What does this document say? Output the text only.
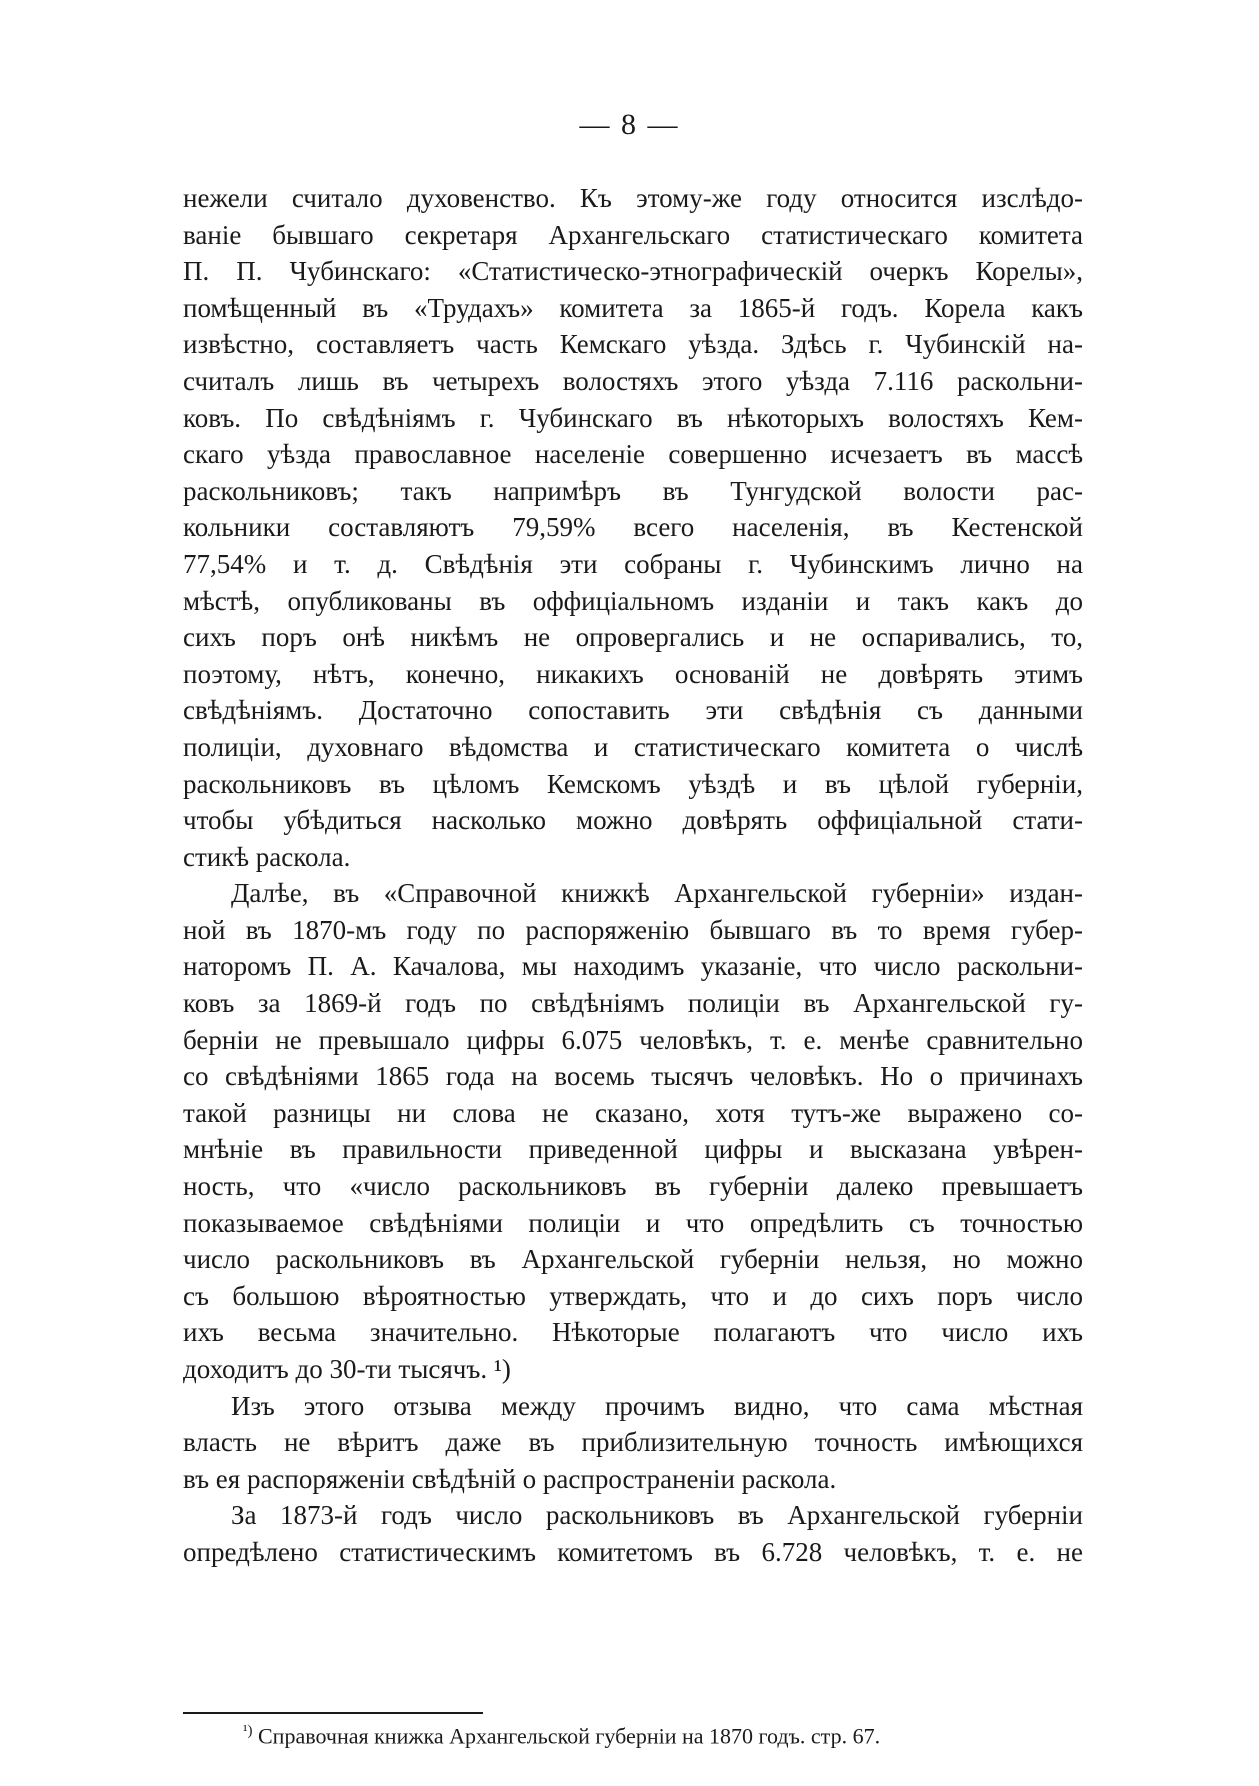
— 8 —
нежели считало духовенство. Къ этому-же году относится изслѣдо-
ваніе бывшаго секретаря Архангельскаго статистическаго комитета
П. П. Чубинскаго: «Статистическо-этнографическій очеркъ Корелы»,
помѣщенный въ «Трудахъ» комитета за 1865-й годъ. Корела какъ
извѣстно, составляетъ часть Кемскаго уѣзда. Здѣсь г. Чубинскій на-
считалъ лишь въ четырехъ волостяхъ этого уѣзда 7.116 раскольни-
ковъ. По свѣдѣніямъ г. Чубинскаго въ нѣкоторыхъ волостяхъ Кем-
скаго уѣзда православное населеніе совершенно исчезаетъ въ массѣ
раскольниковъ; такъ напримѣръ въ Тунгудской волости рас-
кольники составляютъ 79,59% всего населенія, въ Кестенской
77,54% и т. д. Свѣдѣнія эти собраны г. Чубинскимъ лично на
мѣстѣ, опубликованы въ оффиціальномъ изданіи и такъ какъ до
сихъ поръ онѣ никѣмъ не опровергались и не оспаривались, то,
поэтому, нѣтъ, конечно, никакихъ основаній не довѣрять этимъ
свѣдѣніямъ. Достаточно сопоставить эти свѣдѣнія съ данными
полиціи, духовнаго вѣдомства и статистическаго комитета о числѣ
раскольниковъ въ цѣломъ Кемскомъ уѣздѣ и въ цѣлой губерніи,
чтобы убѣдиться насколько можно довѣрять оффиціальной стати-
стикѣ раскола.
Далѣе, въ «Справочной книжкѣ Архангельской губерніи» издан-
ной въ 1870-мъ году по распоряженію бывшаго въ то время губер-
наторомъ П. А. Качалова, мы находимъ указаніе, что число раскольни-
ковъ за 1869-й годъ по свѣдѣніямъ полиціи въ Архангельской гу-
берніи не превышало цифры 6.075 человѣкъ, т. е. менѣе сравнительно
со свѣдѣніями 1865 года на восемь тысячъ человѣкъ. Но о причинахъ
такой разницы ни слова не сказано, хотя тутъ-же выражено со-
мнѣніе въ правильности приведенной цифры и высказана увѣрен-
ность, что «число раскольниковъ въ губерніи далеко превышаетъ
показываемое свѣдѣніями полиціи и что опредѣлить съ точностью
число раскольниковъ въ Архангельской губерніи нельзя, но можно
съ большою вѣроятностью утверждать, что и до сихъ поръ число
ихъ весьма значительно. Нѣкоторые полагаютъ что число ихъ
доходитъ до 30-ти тысячъ. ¹)
Изъ этого отзыва между прочимъ видно, что сама мѣстная
власть не вѣритъ даже въ приблизительную точность имѣющихся
въ ея распоряженіи свѣдѣній о распространеніи раскола.
За 1873-й годъ число раскольниковъ въ Архангельской губерніи
опредѣлено статистическимъ комитетомъ въ 6.728 человѣкъ, т. е. не
$^{^1)}$ Справочная книжка Архангельской губерніи на 1870 годъ. стр. 67.
